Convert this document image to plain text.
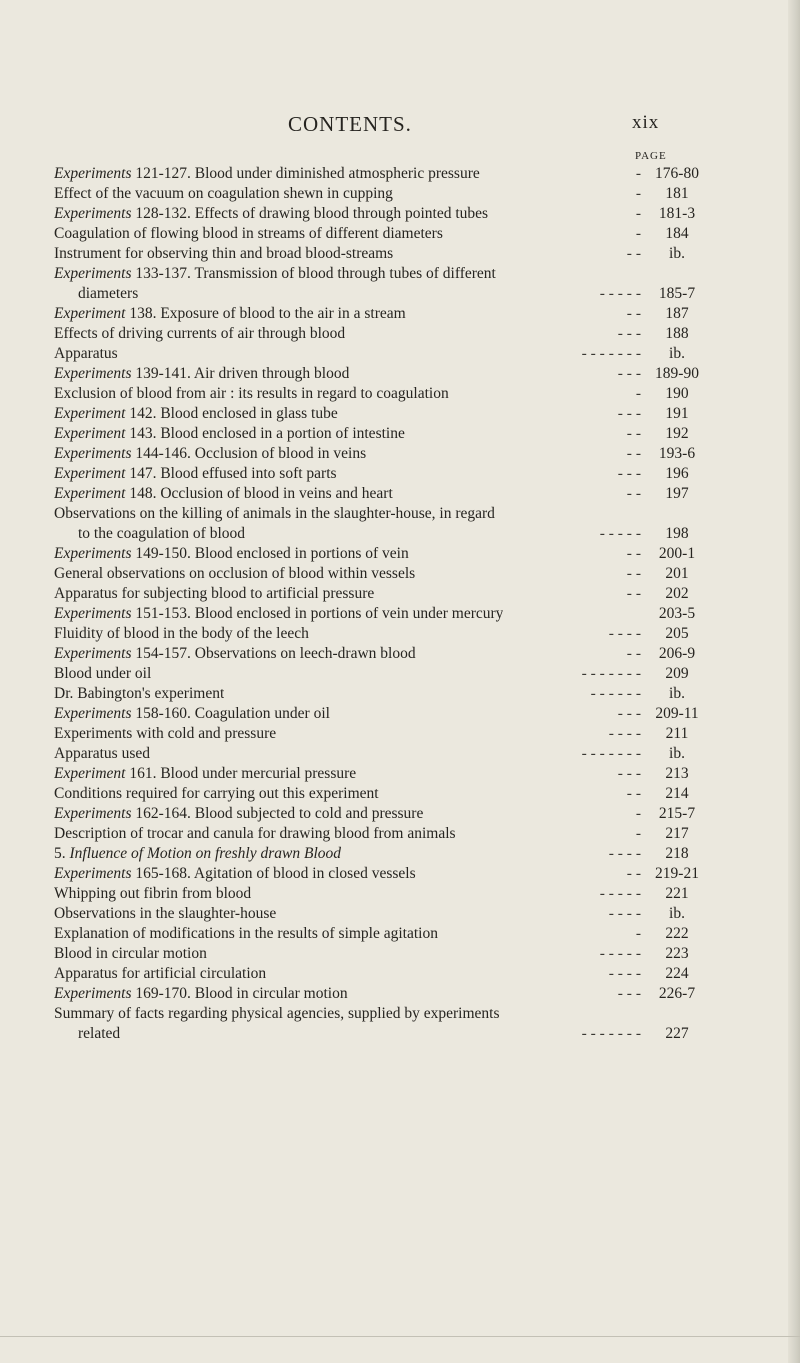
CONTENTS.	xix
PAGE
Experiments 121-127. Blood under diminished atmospheric pressure	- 176-80
Effect of the vacuum on coagulation shewn in cupping	-	181
Experiments 128-132. Effects of drawing blood through pointed tubes	-	181-3
Coagulation of flowing blood in streams of different diameters	-	184
Instrument for observing thin and broad blood-streams	- -	ib.
Experiments 133-137. Transmission of blood through tubes of different
diameters	- - - - -	185-7
Experiment 138. Exposure of blood to the air in a stream	- -	187
Effects of driving currents of air through blood	- - -	188
Apparatus	- - - - - - -	ib.
Experiments 139-141. Air driven through blood	- - - 189-90
Exclusion of blood from air : its results in regard to coagulation	-	190
Experiment 142. Blood enclosed in glass tube	- - -	191
Experiment 143. Blood enclosed in a portion of intestine	- -	192
Experiments 144-146. Occlusion of blood in veins	- -	193-6
Experiment 147. Blood effused into soft parts	- - -	196
Experiment 148. Occlusion of blood in veins and heart	- -	197
Observations on the killing of animals in the slaughter-house, in regard
to the coagulation of blood	- - - - -	198
Experiments 149-150. Blood enclosed in portions of vein	- -	200-1
General observations on occlusion of blood within vessels	- -	201
Apparatus for subjecting blood to artificial pressure	- -	202
Experiments 151-153. Blood enclosed in portions of vein under mercury	203-5
Fluidity of blood in the body of the leech	- - - -	205
Experiments 154-157. Observations on leech-drawn blood	- -	206-9
Blood under oil	- - - - - - -	209
Dr. Babington's experiment	- - - - - -	ib.
Experiments 158-160. Coagulation under oil	- - - 209-11
Experiments with cold and pressure	- - - -	211
Apparatus used	- - - - - - -	ib.
Experiment 161. Blood under mercurial pressure	- - -	213
Conditions required for carrying out this experiment	- -	214
Experiments 162-164. Blood subjected to cold and pressure	-	215-7
Description of trocar and canula for drawing blood from animals	-	217
5. Influence of Motion on freshly drawn Blood	- - - -	218
Experiments 165-168. Agitation of blood in closed vessels	- - 219-21
Whipping out fibrin from blood	- - - - -	221
Observations in the slaughter-house	- - - -	ib.
Explanation of modifications in the results of simple agitation	-	222
Blood in circular motion	- - - - -	223
Apparatus for artificial circulation	- - - -	224
Experiments 169-170. Blood in circular motion	- - -	226-7
Summary of facts regarding physical agencies, supplied by experiments
related	- - - - - - -	227
